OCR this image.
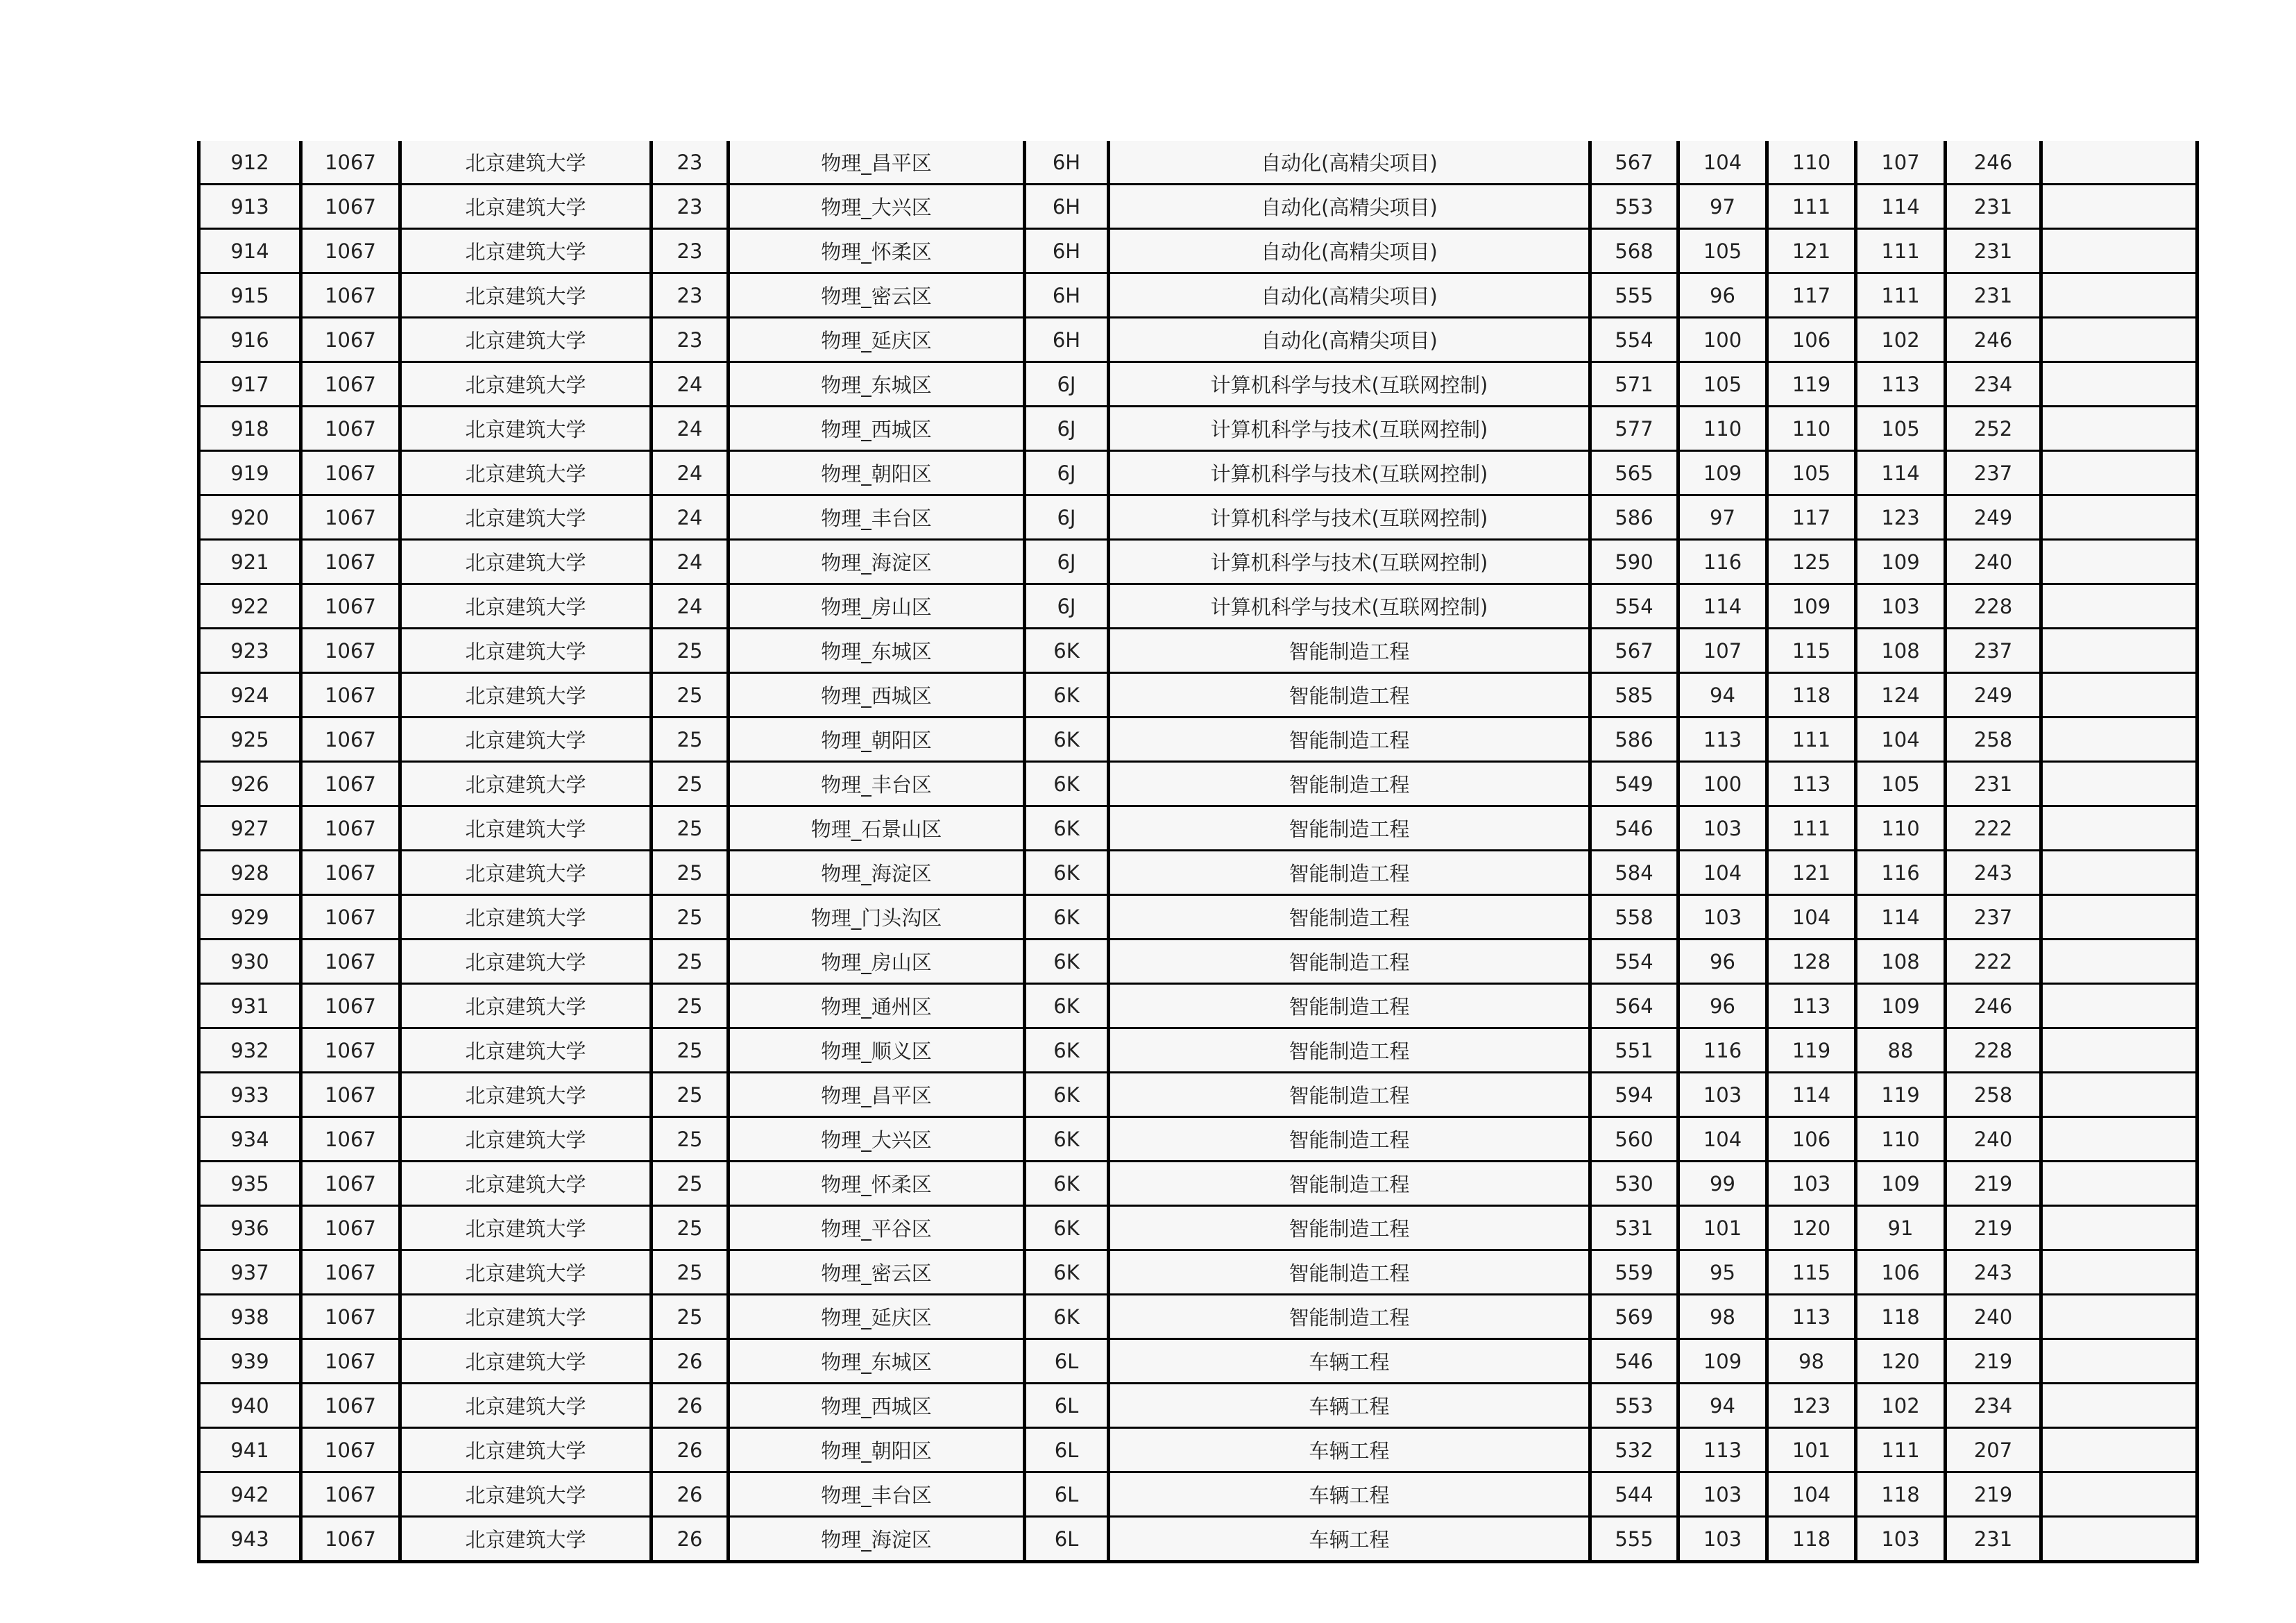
912	1067	北京建筑大学	23	物理_昌平区	6H	自动化(高精尖项目)	567	104	110	107	246	
913	1067	北京建筑大学	23	物理_大兴区	6H	自动化(高精尖项目)	553	97	111	114	231	
914	1067	北京建筑大学	23	物理_怀柔区	6H	自动化(高精尖项目)	568	105	121	111	231	
915	1067	北京建筑大学	23	物理_密云区	6H	自动化(高精尖项目)	555	96	117	111	231	
916	1067	北京建筑大学	23	物理_延庆区	6H	自动化(高精尖项目)	554	100	106	102	246	
917	1067	北京建筑大学	24	物理_东城区	6J	计算机科学与技术(互联网控制)	571	105	119	113	234	
918	1067	北京建筑大学	24	物理_西城区	6J	计算机科学与技术(互联网控制)	577	110	110	105	252	
919	1067	北京建筑大学	24	物理_朝阳区	6J	计算机科学与技术(互联网控制)	565	109	105	114	237	
920	1067	北京建筑大学	24	物理_丰台区	6J	计算机科学与技术(互联网控制)	586	97	117	123	249	
921	1067	北京建筑大学	24	物理_海淀区	6J	计算机科学与技术(互联网控制)	590	116	125	109	240	
922	1067	北京建筑大学	24	物理_房山区	6J	计算机科学与技术(互联网控制)	554	114	109	103	228	
923	1067	北京建筑大学	25	物理_东城区	6K	智能制造工程	567	107	115	108	237	
924	1067	北京建筑大学	25	物理_西城区	6K	智能制造工程	585	94	118	124	249	
925	1067	北京建筑大学	25	物理_朝阳区	6K	智能制造工程	586	113	111	104	258	
926	1067	北京建筑大学	25	物理_丰台区	6K	智能制造工程	549	100	113	105	231	
927	1067	北京建筑大学	25	物理_石景山区	6K	智能制造工程	546	103	111	110	222	
928	1067	北京建筑大学	25	物理_海淀区	6K	智能制造工程	584	104	121	116	243	
929	1067	北京建筑大学	25	物理_门头沟区	6K	智能制造工程	558	103	104	114	237	
930	1067	北京建筑大学	25	物理_房山区	6K	智能制造工程	554	96	128	108	222	
931	1067	北京建筑大学	25	物理_通州区	6K	智能制造工程	564	96	113	109	246	
932	1067	北京建筑大学	25	物理_顺义区	6K	智能制造工程	551	116	119	88	228	
933	1067	北京建筑大学	25	物理_昌平区	6K	智能制造工程	594	103	114	119	258	
934	1067	北京建筑大学	25	物理_大兴区	6K	智能制造工程	560	104	106	110	240	
935	1067	北京建筑大学	25	物理_怀柔区	6K	智能制造工程	530	99	103	109	219	
936	1067	北京建筑大学	25	物理_平谷区	6K	智能制造工程	531	101	120	91	219	
937	1067	北京建筑大学	25	物理_密云区	6K	智能制造工程	559	95	115	106	243	
938	1067	北京建筑大学	25	物理_延庆区	6K	智能制造工程	569	98	113	118	240	
939	1067	北京建筑大学	26	物理_东城区	6L	车辆工程	546	109	98	120	219	
940	1067	北京建筑大学	26	物理_西城区	6L	车辆工程	553	94	123	102	234	
941	1067	北京建筑大学	26	物理_朝阳区	6L	车辆工程	532	113	101	111	207	
942	1067	北京建筑大学	26	物理_丰台区	6L	车辆工程	544	103	104	118	219	
943	1067	北京建筑大学	26	物理_海淀区	6L	车辆工程	555	103	118	103	231	
